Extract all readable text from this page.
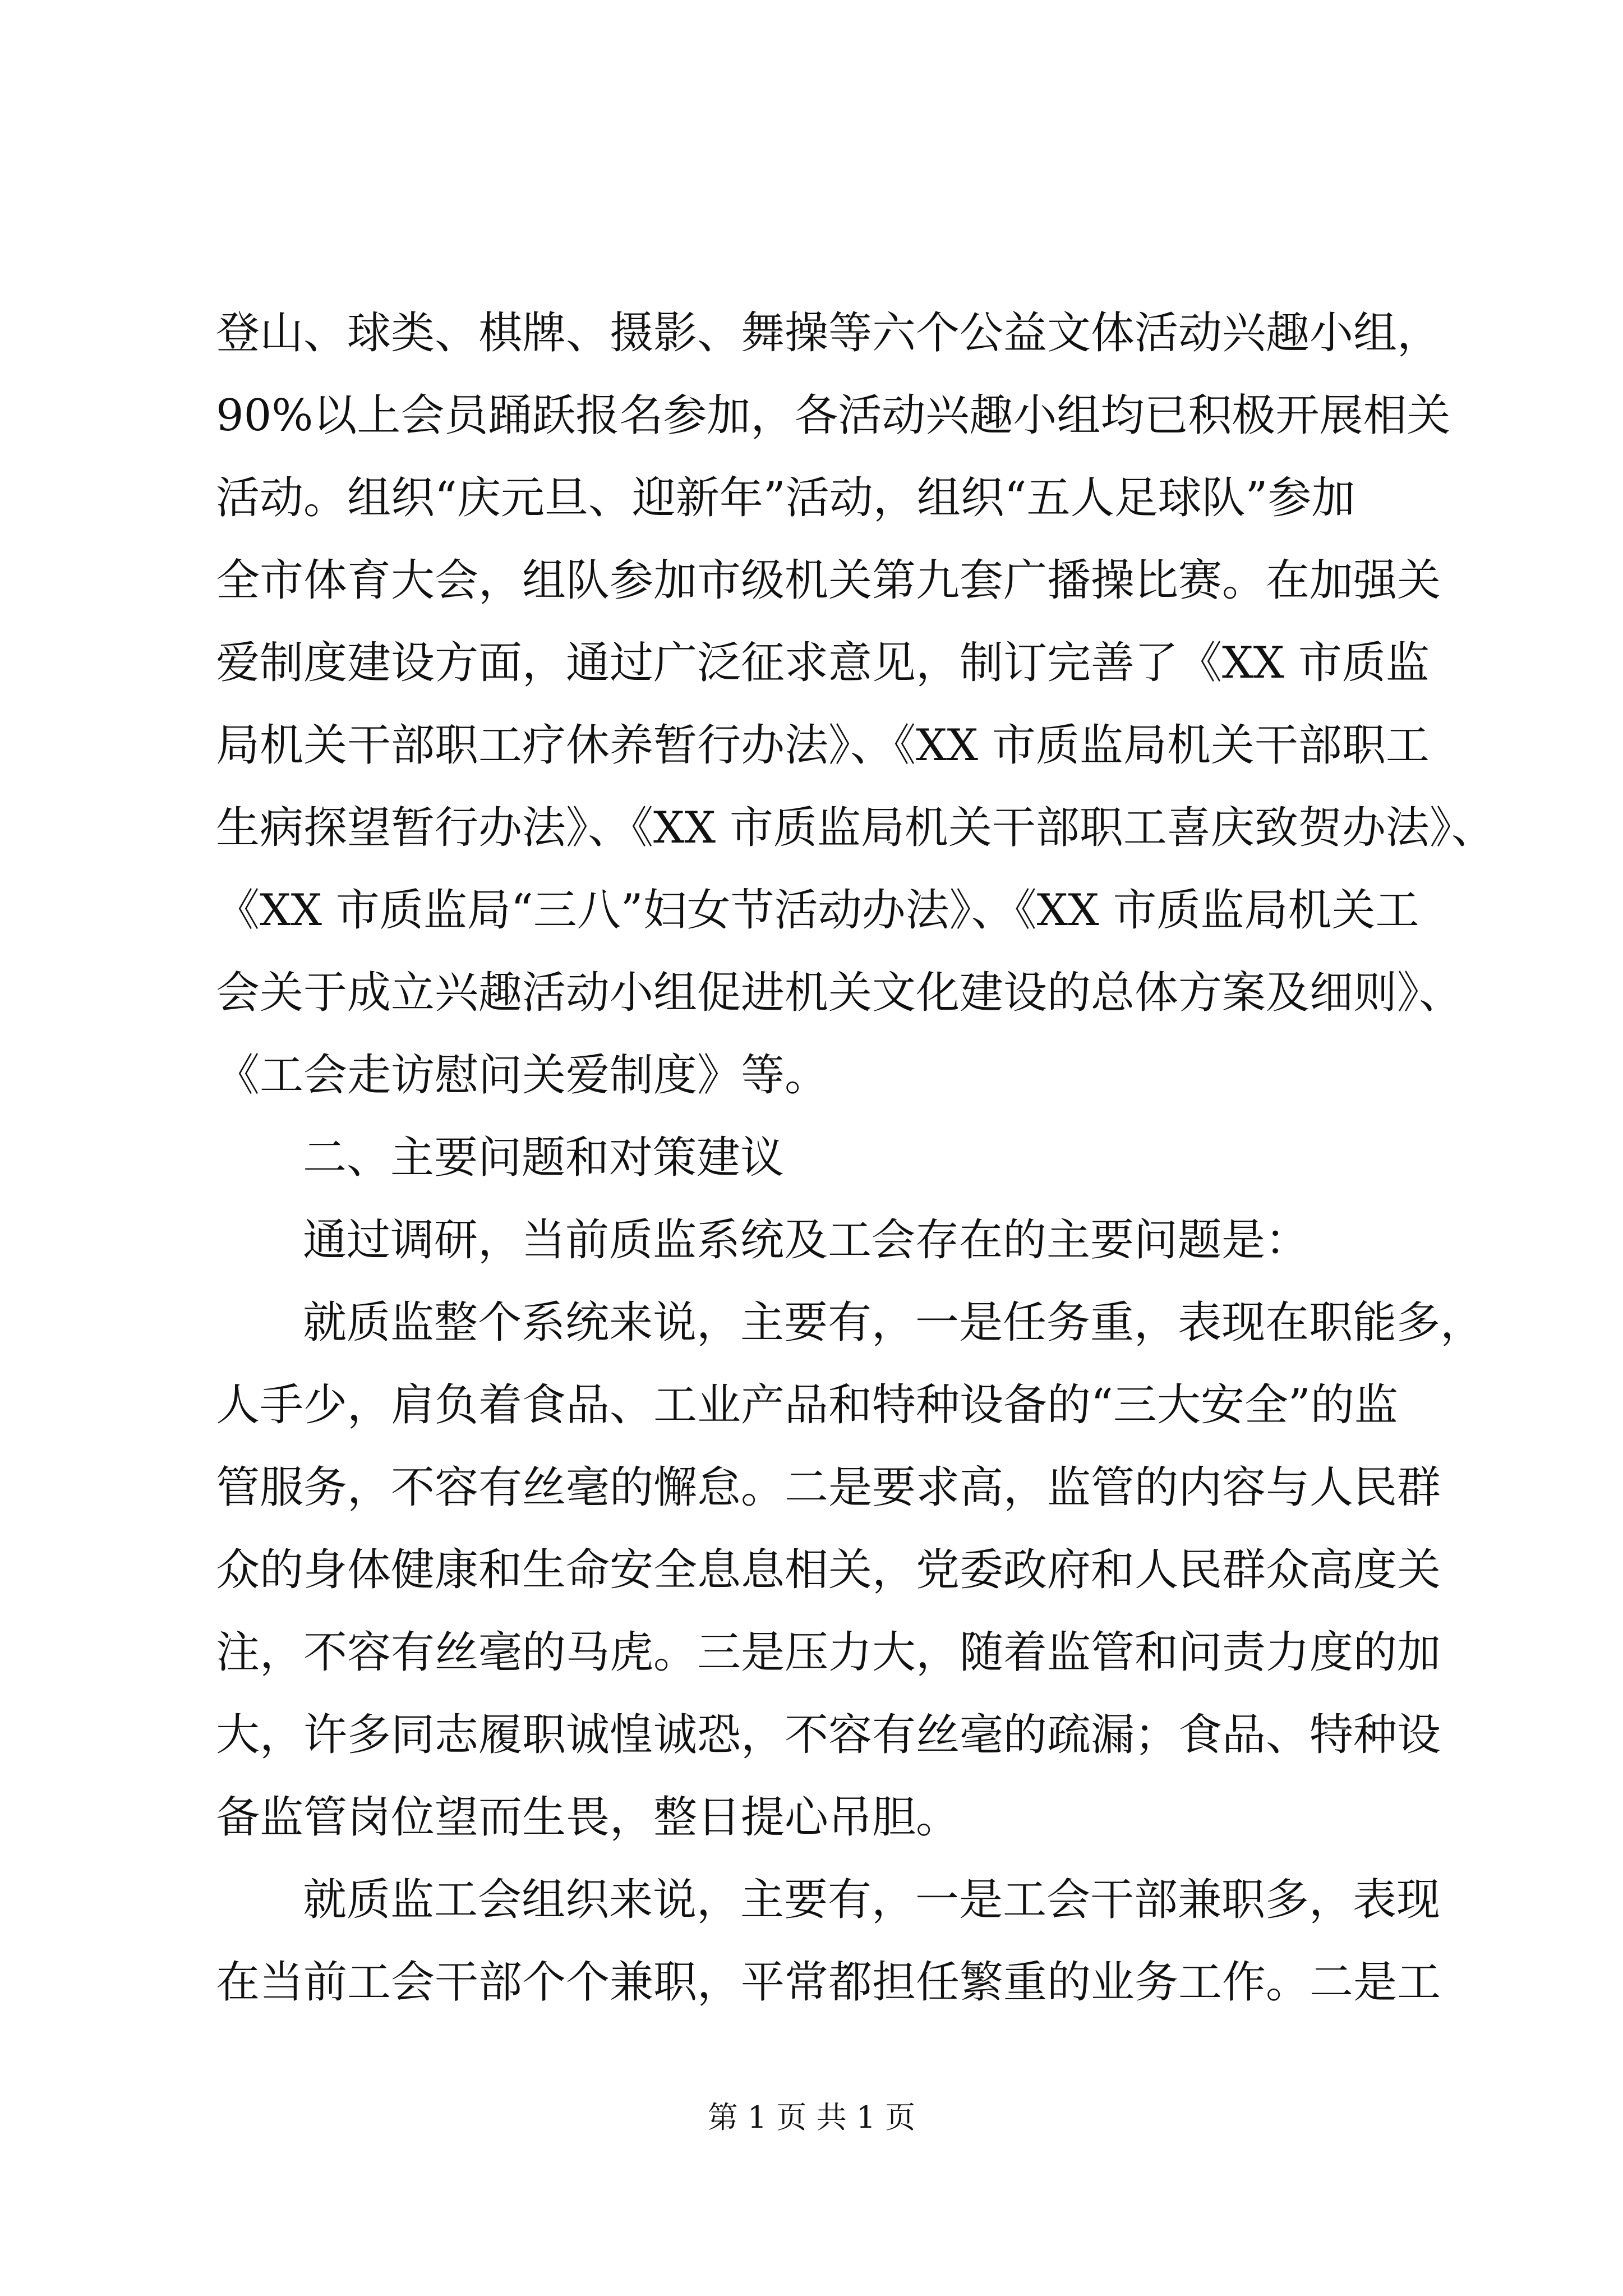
登山、球类、棋牌、摄影、舞操等六个公益文体活动兴趣小组，
90%以上会员踊跃报名参加，各活动兴趣小组均已积极开展相关
活动。组织“庆元旦、迎新年”活动，组织“五人足球队”参加
全市体育大会，组队参加市级机关第九套广播操比赛。在加强关
爱制度建设方面，通过广泛征求意见，制订完善了《XX 市质监
局机关干部职工疗休养暂行办法》、《XX 市质监局机关干部职工
生病探望暂行办法》、《XX 市质监局机关干部职工喜庆致贺办法》、
《XX 市质监局“三八”妇女节活动办法》、《XX 市质监局机关工
会关于成立兴趣活动小组促进机关文化建设的总体方案及细则》、
《工会走访慰问关爱制度》等。
二、主要问题和对策建议
通过调研，当前质监系统及工会存在的主要问题是：
就质监整个系统来说，主要有，一是任务重，表现在职能多，
人手少，肩负着食品、工业产品和特种设备的“三大安全”的监
管服务，不容有丝毫的懈怠。二是要求高，监管的内容与人民群
众的身体健康和生命安全息息相关，党委政府和人民群众高度关
注，不容有丝毫的马虎。三是压力大，随着监管和问责力度的加
大，许多同志履职诚惶诚恐，不容有丝毫的疏漏；食品、特种设
备监管岗位望而生畏，整日提心吊胆。
就质监工会组织来说，主要有，一是工会干部兼职多，表现
在当前工会干部个个兼职，平常都担任繁重的业务工作。二是工
第 1 页 共 1 页
